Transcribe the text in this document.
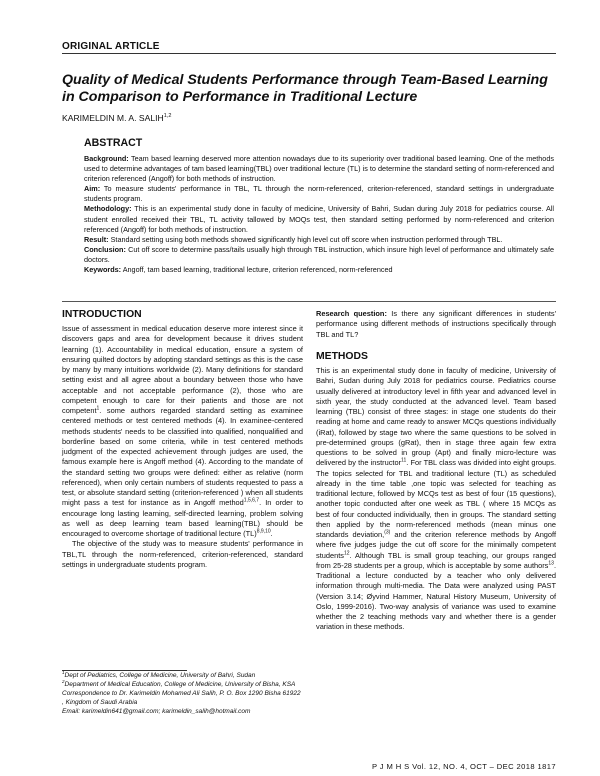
ORIGINAL ARTICLE
Quality of Medical Students Performance through Team-Based Learning in Comparison to Performance in Traditional Lecture
KARIMELDIN M. A. SALIH$^{1,2}$
ABSTRACT

Background: Team based learning deserved more attention nowadays due to its superiority over traditional based learning. One of the methods used to determine advantages of tam based learning(TBL) over traditional lecture (TL) is to determine the standard setting of norm-referenced and criterion referenced (Angoff) for both methods of instruction.

Aim: To measure students' performance in TBL, TL through the norm-referenced, criterion-referenced, standard settings in undergraduate students program.

Methodology: This is an experimental study done in faculty of medicine, University of Bahri, Sudan during July 2018 for pediatrics course. All student enrolled received their TBL, TL activity tallowed by MOQs test, then standard setting performed by norm-referenced and criterion referenced (Angoff) for both methods of instruction.

Result: Standard setting using both methods showed significantly high level cut off score when instruction performed through TBL.

Conclusion: Cut off score to determine pass/tails usually high through TBL instruction, which insure high level of performance and ultimately safe doctors.

Keywords: Angoff, tam based learning, traditional lecture, criterion referenced, norm-referenced

INTRODUCTION

Issue of assessment in medical education deserve more interest since it discovers gaps and area for development because it drives student learning (1). Accountability in medical education, ensure a system of ensuring quilted doctors by adopting standard settings as this is the case by many by many intuitions worldwide (2). Many definitions for standard setting exist and all agree about a boundary between those who have acceptable and not acceptable performance (2), those who are competent enough to care for their patients and those are not competent$^1$. some authors regarded standard setting as examinee centered methods or test centered methods (4). In examinee-centered methods students' needs to be classified into qualified, nonqualified and borderline based on some criteria, while in test centered methods judgment of the expected achievement through judges are used, the famous example here is Angoff method (4). According to the mandate of the standard setting two groups were defined: either as relative (norm referenced), when only certain numbers of students requested to pass a test, or absolute standard setting (criterion-referenced ) when all students might pass a test for instance as in Angoff method$^{1,5,6,7}$. In order to encourage long lasting learning, self-directed learning, problem solving as well as deep learning team based learning(TBL) should be encouraged to overcome shortage of traditional lecture (TL)$^{8,9,10}$.

The objective of the study was to measure students' performance in TBL,TL through the norm-referenced, criterion-referenced, standard settings in undergraduate students program.

$^1$Dept of Pediatrics, College of Medicine, University of Bahri, Sudan

$^2$Department of Medical Education, College of Medicine, University of Bisha, KSA

Correspondence to Dr. Karimeldin Mohamed Ali Salih, P. O. Box 1290 Bisha 61922 , Kingdom of Saudi Arabia

Email: karimeldin641@gmail.com; karimeldin_salih@hotmail.com

Research question: Is there any significant differences in students' performance using different methods of instructions specifically through TBL and TL?

METHODS

This is an experimental study done in faculty of medicine, University of Bahri, Sudan during July 2018 for pediatrics course. Pediatrics course usually delivered at introductory level in fifth year and advanced level in sixth year, the study conducted at the advanced level. Team based learning (TBL) consist of three stages: in stage one students do their reading at home and came ready to answer MCQs questions individually (iRat), followed by stage two where the same questions to be solved in pre-determined groups (gRat), then in stage three again few extra questions to be solved in group (Apt) and finally micro-lecture was delivered by the instructor$^{11}$. For TBL class was divided into eight groups. The topics selected for TBL and traditional lecture (TL) as scheduled already in the time table ,one topic was selected for teaching as traditional lecture, followed by MCQs test as best of four (15 questions), another topic conducted after one week as TBL ( where 15 MCQs as best of four conducted individually, then in groups. The standard setting then applied by the norm-referenced methods (mean minus one standards deviation,$^{(3)}$ and the criterion reference methods by Angoff where five judges judge the cut off score for the minimally competent students$^{12}$. Although TBL is small group teaching, our groups ranged from 25-28 students per a group, which is acceptable by some authors$^{13}$. Traditional a lecture conducted by a teacher who only delivered information through multi-media. The Data were analyzed using PAST (Version 3.14; Øyvind Hammer, Natural History Museum, University of Oslo, 1999-2016). Two-way analysis of variance was used to examine whether the 2 teaching methods vary and whether there is a gender variation in these methods.

P J M H S Vol. 12, NO. 4, OCT – DEC 2018 1817
